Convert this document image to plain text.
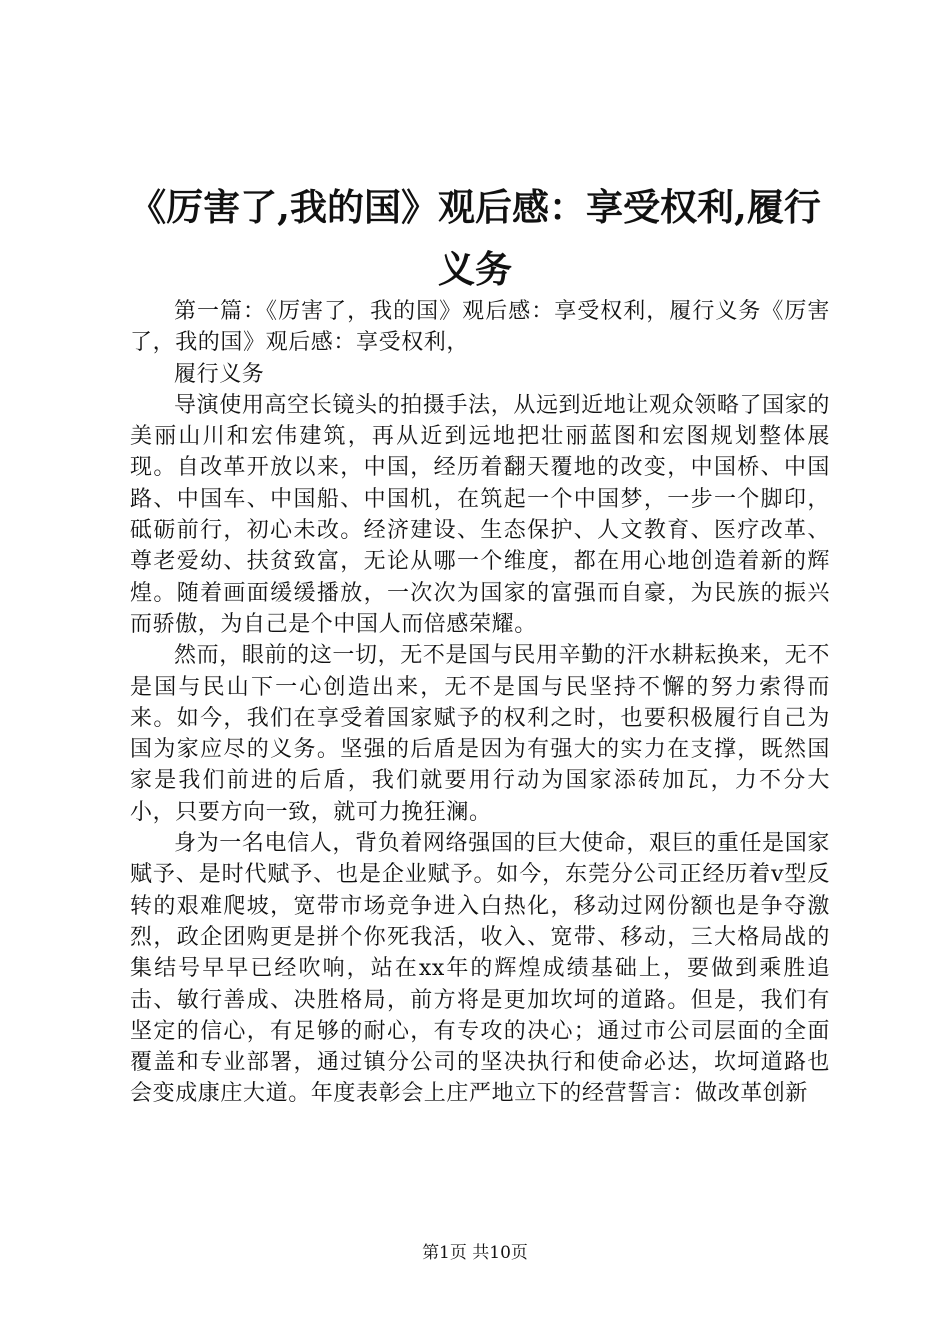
《厉害了,我的国》观后感：享受权利,履行义务

第一篇：《厉害了，我的国》观后感：享受权利，履行义务《厉害了，我的国》观后感：享受权利，

履行义务

导演使用高空长镜头的拍摄手法，从远到近地让观众领略了国家的美丽山川和宏伟建筑，再从近到远地把壮丽蓝图和宏图规划整体展现。自改革开放以来，中国，经历着翻天覆地的改变，中国桥、中国路、中国车、中国船、中国机，在筑起一个中国梦，一步一个脚印，砥砺前行，初心未改。经济建设、生态保护、人文教育、医疗改革、尊老爱幼、扶贫致富，无论从哪一个维度，都在用心地创造着新的辉煌。随着画面缓缓播放，一次次为国家的富强而自豪，为民族的振兴而骄傲，为自己是个中国人而倍感荣耀。

然而，眼前的这一切，无不是国与民用辛勤的汗水耕耘换来，无不是国与民山下一心创造出来，无不是国与民坚持不懈的努力索得而来。如今，我们在享受着国家赋予的权利之时，也要积极履行自己为国为家应尽的义务。坚强的后盾是因为有强大的实力在支撑，既然国家是我们前进的后盾，我们就要用行动为国家添砖加瓦，力不分大小，只要方向一致，就可力挽狂澜。

身为一名电信人，背负着网络强国的巨大使命，艰巨的重任是国家赋予、是时代赋予、也是企业赋予。如今，东莞分公司正经历着v型反转的艰难爬坡，宽带市场竞争进入白热化，移动过网份额也是争夺激烈，政企团购更是拼个你死我活，收入、宽带、移动，三大格局战的集结号早早已经吹响，站在xx年的辉煌成绩基础上，要做到乘胜追击、敏行善成、决胜格局，前方将是更加坎坷的道路。但是，我们有坚定的信心，有足够的耐心，有专攻的决心；通过市公司层面的全面覆盖和专业部署，通过镇分公司的坚决执行和使命必达，坎坷道路也会变成康庄大道。年度表彰会上庄严地立下的经营誓言：做改革创新

第1页 共10页
